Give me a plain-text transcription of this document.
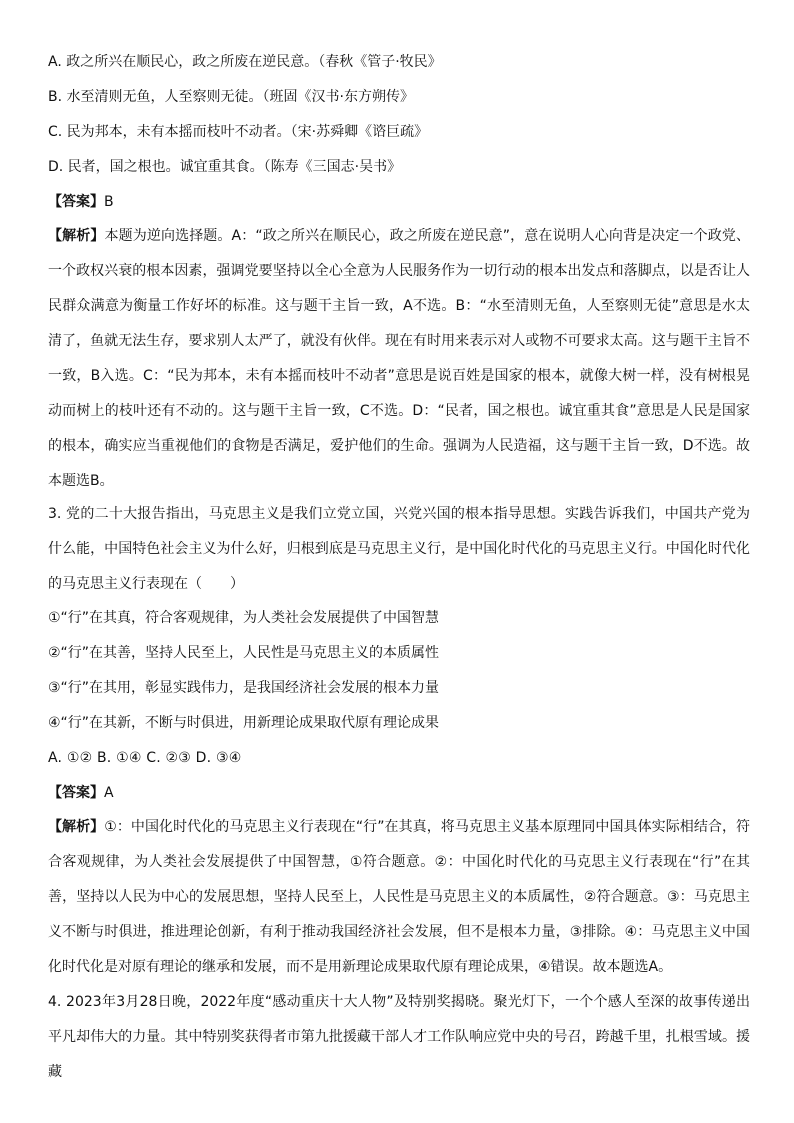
A. 政之所兴在顺民心，政之所废在逆民意。（春秋《管子·牧民》
B. 水至清则无鱼，人至察则无徒。（班固《汉书·东方朔传》
C. 民为邦本，未有本摇而枝叶不动者。（宋·苏舜卿《谘巨疏》
D. 民者，国之根也。诚宜重其食。（陈寿《三国志·吴书》
【答案】B

【解析】本题为逆向选择题。A：“政之所兴在顺民心，政之所废在逆民意”，意在说明人心向背是决定一个政党、一个政权兴衰的根本因素，强调党要坚持以全心全意为人民服务作为一切行动的根本出发点和落脚点，以是否让人民群众满意为衡量工作好坏的标准。这与题干主旨一致，A不选。B：“水至清则无鱼，人至察则无徒”意思是水太清了，鱼就无法生存，要求别人太严了，就没有伙伴。现在有时用来表示对人或物不可要求太高。这与题干主旨不一致，B入选。C：“民为邦本，未有本摇而枝叶不动者”意思是说百姓是国家的根本，就像大树一样，没有树根晃动而树上的枝叶还有不动的。这与题干主旨一致，C不选。D：“民者，国之根也。诚宜重其食”意思是人民是国家的根本，确实应当重视他们的食物是否满足，爱护他们的生命。强调为人民造福，这与题干主旨一致，D不选。故本题选B。

3. 党的二十大报告指出，马克思主义是我们立党立国，兴党兴国的根本指导思想。实践告诉我们，中国共产党为什么能，中国特色社会主义为什么好，归根到底是马克思主义行，是中国化时代化的马克思主义行。中国化时代化的马克思主义行表现在（　　）

①“行”在其真，符合客观规律，为人类社会发展提供了中国智慧
②“行”在其善，坚持人民至上，人民性是马克思主义的本质属性
③“行”在其用，彰显实践伟力，是我国经济社会发展的根本力量
④“行”在其新，不断与时俱进，用新理论成果取代原有理论成果
A. ①② B. ①④ C. ②③ D. ③④
【答案】A

【解析】①：中国化时代化的马克思主义行表现在“行”在其真，将马克思主义基本原理同中国具体实际相结合，符合客观规律，为人类社会发展提供了中国智慧，①符合题意。②：中国化时代化的马克思主义行表现在“行”在其善，坚持以人民为中心的发展思想，坚持人民至上，人民性是马克思主义的本质属性，②符合题意。③：马克思主义不断与时俱进，推进理论创新，有利于推动我国经济社会发展，但不是根本力量，③排除。④：马克思主义中国化时代化是对原有理论的继承和发展，而不是用新理论成果取代原有理论成果，④错误。故本题选A。

4. 2023年3月28日晚，2022年度“感动重庆十大人物”及特别奖揭晓。聚光灯下，一个个感人至深的故事传递出平凡却伟大的力量。其中特别奖获得者市第九批援藏干部人才工作队响应党中央的号召，跨越千里，扎根雪域。援藏
